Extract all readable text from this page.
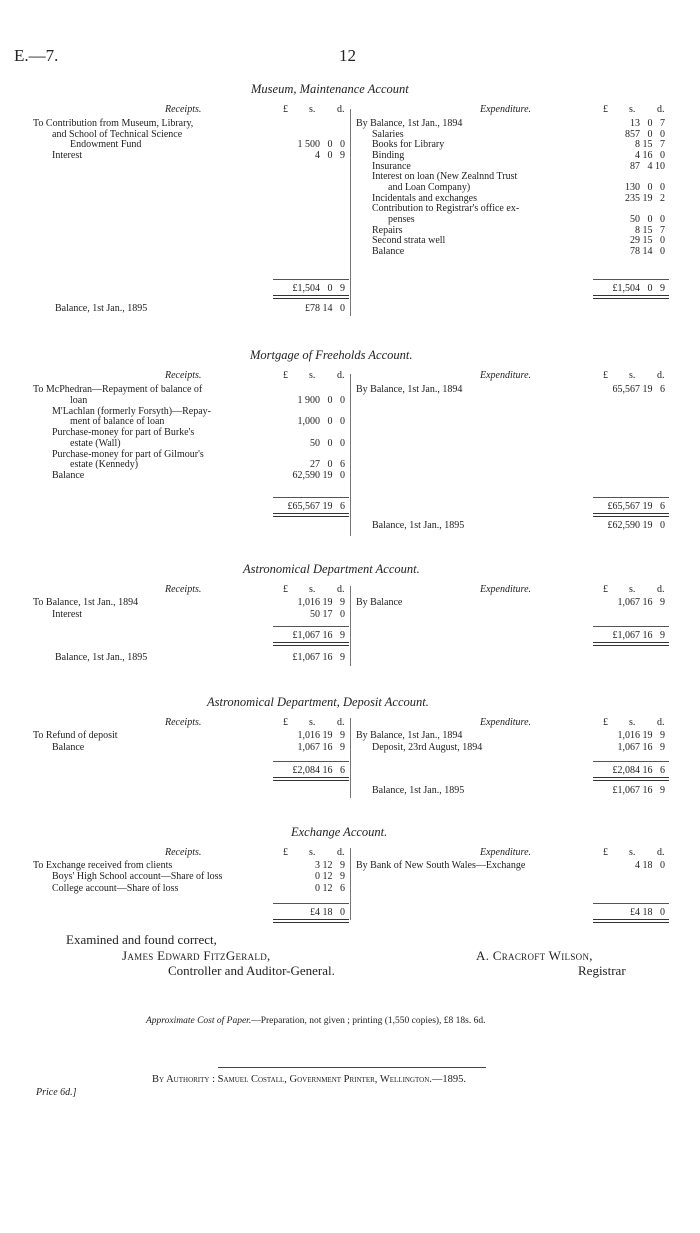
E.—7.	12
Museum, Maintenance Account
Receipts.	Expenditure.
£	£
s.	s.
d.	d.
To Contribution from Museum, Library,
and School of Technical Science
Endowment Fund	1 500   0   0
Interest	4   0   9
By Balance, 1st Jan., 1894	13   0   7
Salaries	857   0   0
Books for Library	8 15   7
Binding	4 16   0
Insurance	87   4 10
Interest on loan (New Zealnnd Trust
and Loan Company)	130   0   0
Incidentals and exchanges	235 19   2
Contribution to Registrar's office ex-
penses	50   0   0
Repairs	8 15   7
Second strata well	29 15   0
Balance	78 14   0
£1,504   0   9	£1,504   0   9
Balance, 1st Jan., 1895	£78 14   0
Mortgage of Freeholds Account.
Receipts.	Expenditure.
£	£
s.	s.
d.	d.
To McPhedran—Repayment of balance of
loan	1 900   0   0
M'Lachlan (formerly Forsyth)—Repay-
ment of balance of loan	1,000   0   0
Purchase-money for part of Burke's
estate (Wall)	50   0   0
Purchase-money for part of Gilmour's
estate (Kennedy)	27   0   6
Balance	62,590 19   0
By Balance, 1st Jan., 1894	65,567 19   6
£65,567 19   6	£65,567 19   6
Balance, 1st Jan., 1895	£62,590 19   0
Astronomical Department Account.
Receipts.	Expenditure.
£	£
s.	s.
d.	d.
To Balance, 1st Jan., 1894	1,016 19   9
Interest	50 17   0
By Balance	1,067 16   9
£1,067 16   9	£1,067 16   9
Balance, 1st Jan., 1895	£1,067 16   9
Astronomical Department, Deposit Account.
Receipts.	Expenditure.
£	£
s.	s.
d.	d.
To Refund of deposit	1,016 19   9
Balance	1,067 16   9
By Balance, 1st Jan., 1894	1,016 19   9
Deposit, 23rd August, 1894	1,067 16   9
£2,084 16   6	£2,084 16   6
Balance, 1st Jan., 1895	£1,067 16   9
Exchange Account.
Receipts.	Expenditure.
£	£
s.	s.
d.	d.
To Exchange received from clients	3 12   9
Boys' High School account—Share of loss	0 12   9
College account—Share of loss	0 12   6
By Bank of New South Wales—Exchange	4 18   0
£4 18   0	£4 18   0
Examined and found correct,
James Edward FitzGerald,
Controller and Auditor-General.
A. Cracroft Wilson,
Registrar
Approximate Cost of Paper.—Preparation, not given ; printing (1,550 copies), £8 18s. 6d.
By Authority : Samuel Costall, Government Printer, Wellington.—1895.
Price 6d.]
